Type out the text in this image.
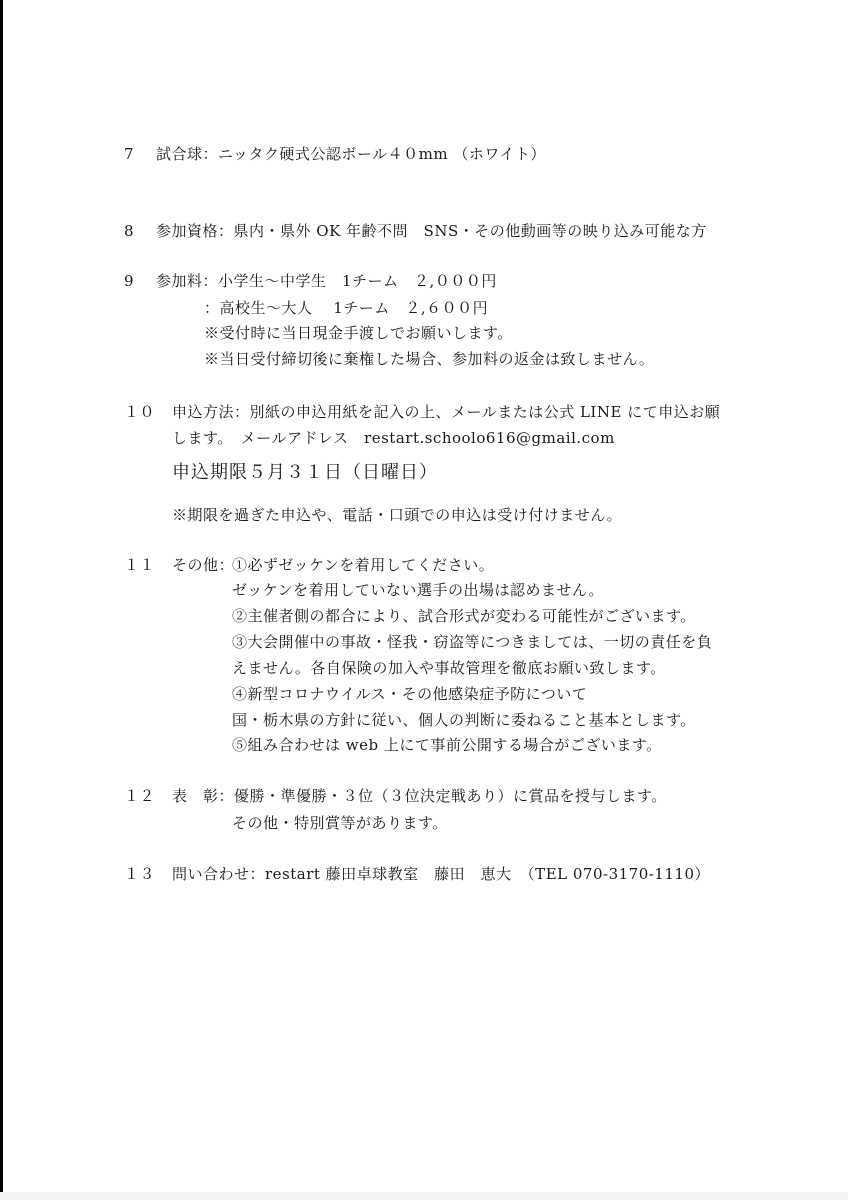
7 試合球：ニッタク硬式公認ボール４０mm （ホワイト）
8 参加資格：県内・県外 OK 年齢不問　SNS・その他動画等の映り込み可能な方
9 参加料：小学生～中学生　1チーム　２,０００円
：高校生～大人　 1チーム　２,６００円
※受付時に当日現金手渡しでお願いします。
※当日受付締切後に棄権した場合、参加料の返金は致しません。
１０ 申込方法：別紙の申込用紙を記入の上、メールまたは公式 LINE にて申込お願
します。　メールアドレス　restart.schoolo616@gmail.com
申込期限５月３１日（日曜日）
※期限を過ぎた申込や、電話・口頭での申込は受け付けません。
１１ その他：
①必ずゼッケンを着用してください。
ゼッケンを着用していない選手の出場は認めません。
②主催者側の都合により、試合形式が変わる可能性がございます。
③大会開催中の事故・怪我・窃盗等につきましては、一切の責任を負
えません。各自保険の加入や事故管理を徹底お願い致します。
④新型コロナウイルス・その他感染症予防について
国・栃木県の方針に従い、個人の判断に委ねること基本とします。
⑤組み合わせは web 上にて事前公開する場合がございます。
１２ 表　彰：優勝・準優勝・３位（３位決定戦あり）に賞品を授与します。
その他・特別賞等があります。
１３ 問い合わせ：restart 藤田卓球教室　藤田　恵大　（TEL 070-3170-1110）
